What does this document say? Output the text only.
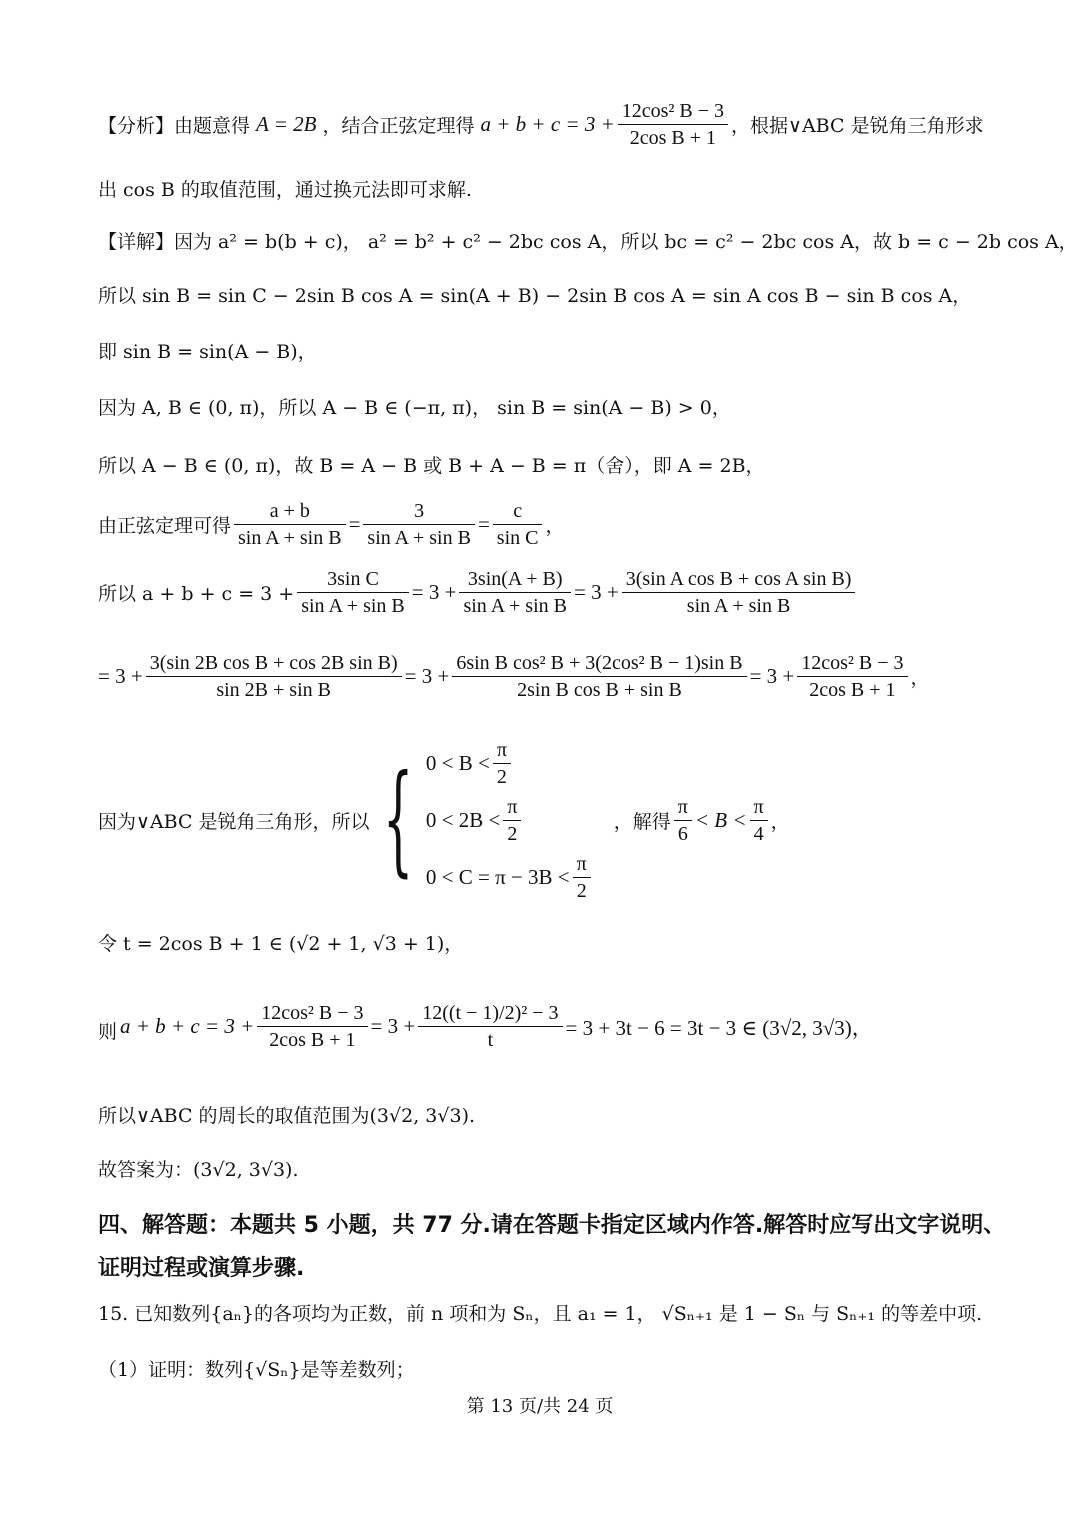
【分析】 由题意得 A = 2B ，结合正弦定理得 $a + b + c = 3 + \frac{\text{12cos² B − 3}}{\text{2cos B + 1}}$ ，根据∨ABC 是锐角三角形求
出 cos B 的取值范围，通过换元法即可求解.
【详解】因为 a² = b(b + c)， a² = b² + c² − 2bc cos A，所以 bc = c² − 2bc cos A，故 b = c − 2b cos A，
所以 sin B = sin C − 2sin B cos A = sin(A + B) − 2sin B cos A = sin A cos B − sin B cos A，
即 sin B = sin(A − B)，
因为 A, B ∈ (0, π)，所以 A − B ∈ (−π, π)， sin B = sin(A − B) > 0，
所以 A − B ∈ (0, π)，故 B = A − B 或 B + A − B = π（舍），即 A = 2B，
由正弦定理可得 $\frac{a + b}{\text{sin A + sin B}} = \frac{3}{\text{sin A + sin B}} = \frac{c}{\text{sin C}}$ ，
所以 $a + b + c = 3 + \frac{\text{3sin C}}{\text{sin A + sin B}} = 3 + \frac{3\sin(A + B)}{\text{sin A + sin B}} = 3 + \frac{\text{3(sin A cos B + cos A sin B)}}{\text{sin A + sin B}}$
= $3 + \frac{\text{3(sin 2B cos B + cos 2B sin B)}}{\text{sin 2B + sin B}} = 3 + \frac{\text{6sin B cos² B + 3(2cos² B − 1)sin B}}{\text{2sin B cos B + sin B}} = 3 + \frac{\text{12cos² B − 3}}{\text{2cos B + 1}}$ ，
因为∨ABC 是锐角三角形，所以 { $0 < B < \frac{\pi}{2}$
$0 < 2B < \frac{\pi}{2}$
$0 < C = \pi - 3B < \frac{\pi}{2}$
，解得 $\frac{\pi}{6} < B < \frac{\pi}{4}$ ，
令 t = 2cos B + 1 ∈ (√2 + 1, √3 + 1)，
则 $a + b + c = 3 + \frac{\text{12cos² B − 3}}{\text{2cos B + 1}} = 3 + \frac{\text{12((t − 1)/2)² − 3}}{t} = 3 + 3t - 6 = 3t - 3$ ∈ (3√2, 3√3)，
所以∨ABC 的周长的取值范围为(3√2, 3√3).
故答案为：(3√2, 3√3).
四、解答题：本题共 5 小题，共 77 分.请在答题卡指定区域内作答.解答时应写出文字说明、
证明过程或演算步骤.
15. 已知数列{aₙ}的各项均为正数，前 n 项和为 Sₙ，且 a₁ = 1， √Sₙ₊₁ 是 1 − Sₙ 与 Sₙ₊₁ 的等差中项.
（1）证明：数列{√Sₙ}是等差数列；
第 13 页/共 24 页
